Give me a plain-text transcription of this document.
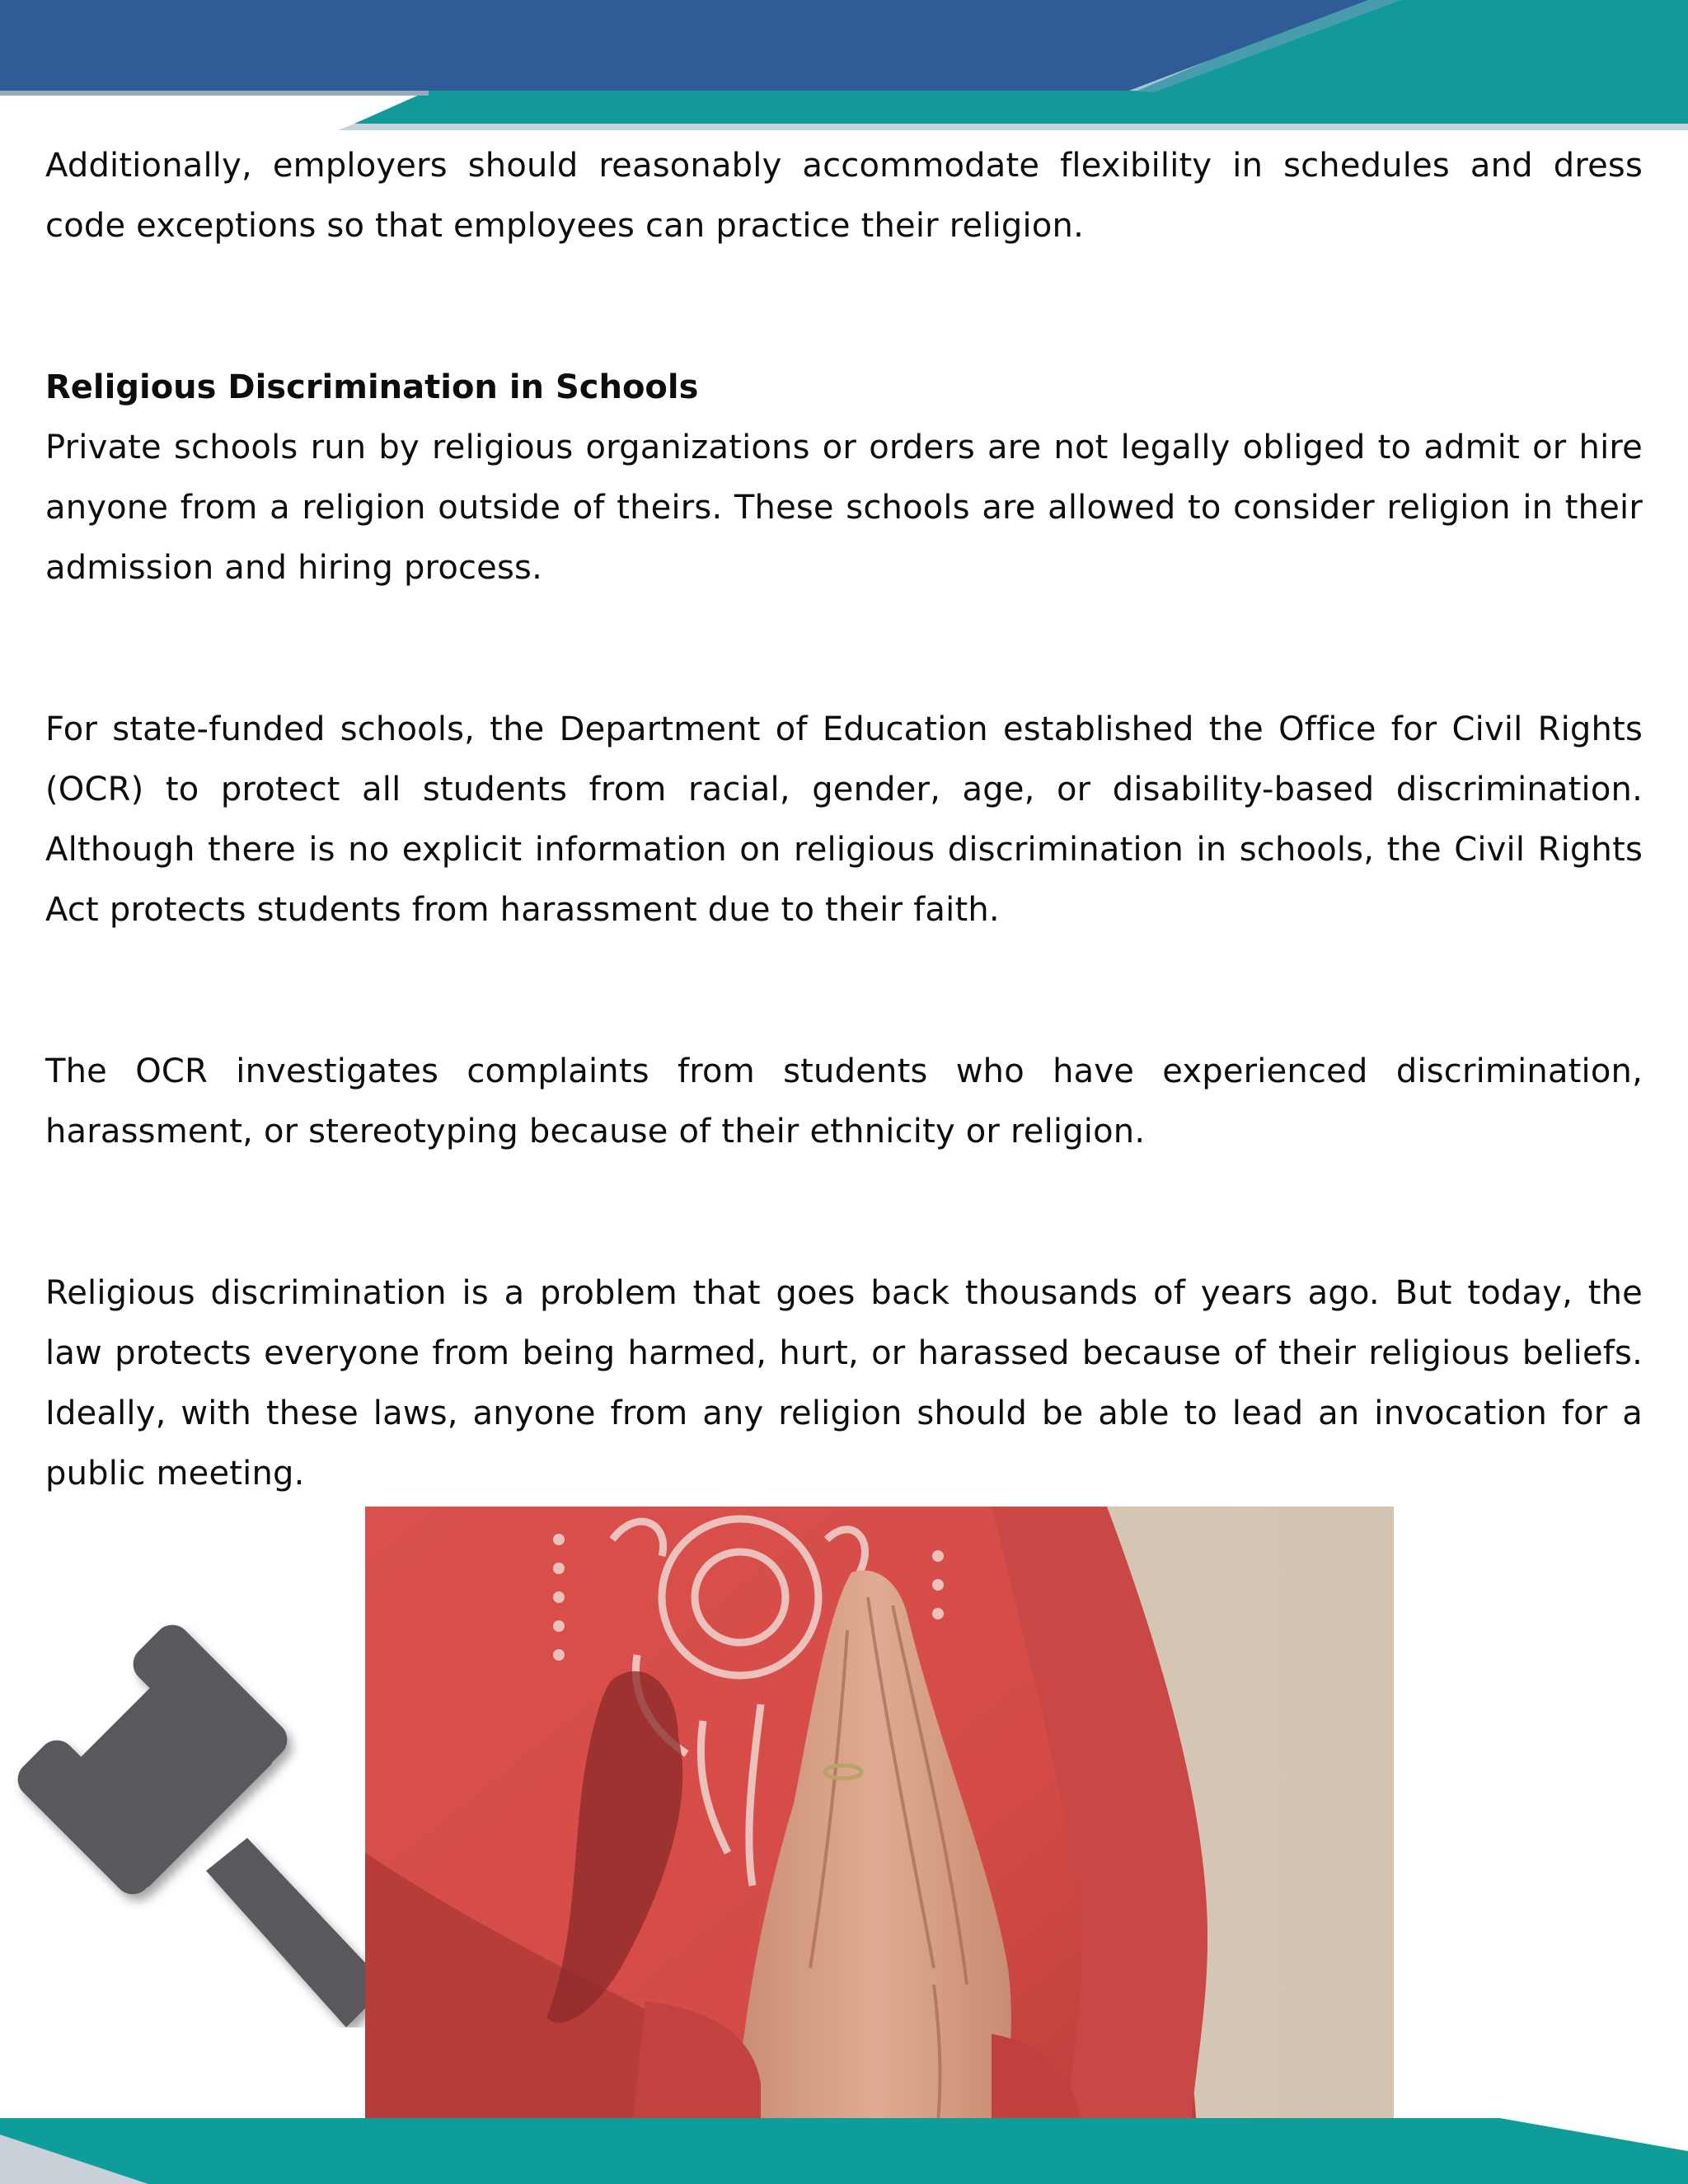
Additionally, employers should reasonably accommodate flexibility in schedules and dress code exceptions so that employees can practice their religion.

Religious Discrimination in Schools

Private schools run by religious organizations or orders are not legally obliged to admit or hire anyone from a religion outside of theirs. These schools are allowed to consider religion in their admission and hiring process.

For state-funded schools, the Department of Education established the Office for Civil Rights (OCR) to protect all students from racial, gender, age, or disability-based discrimination. Although there is no explicit information on religious discrimination in schools, the Civil Rights Act protects students from harassment due to their faith.

The OCR investigates complaints from students who have experienced discrimination, harassment, or stereotyping because of their ethnicity or religion.

Religious discrimination is a problem that goes back thousands of years ago. But today, the law protects everyone from being harmed, hurt, or harassed because of their religious beliefs. Ideally, with these laws, anyone from any religion should be able to lead an invocation for a public meeting.
